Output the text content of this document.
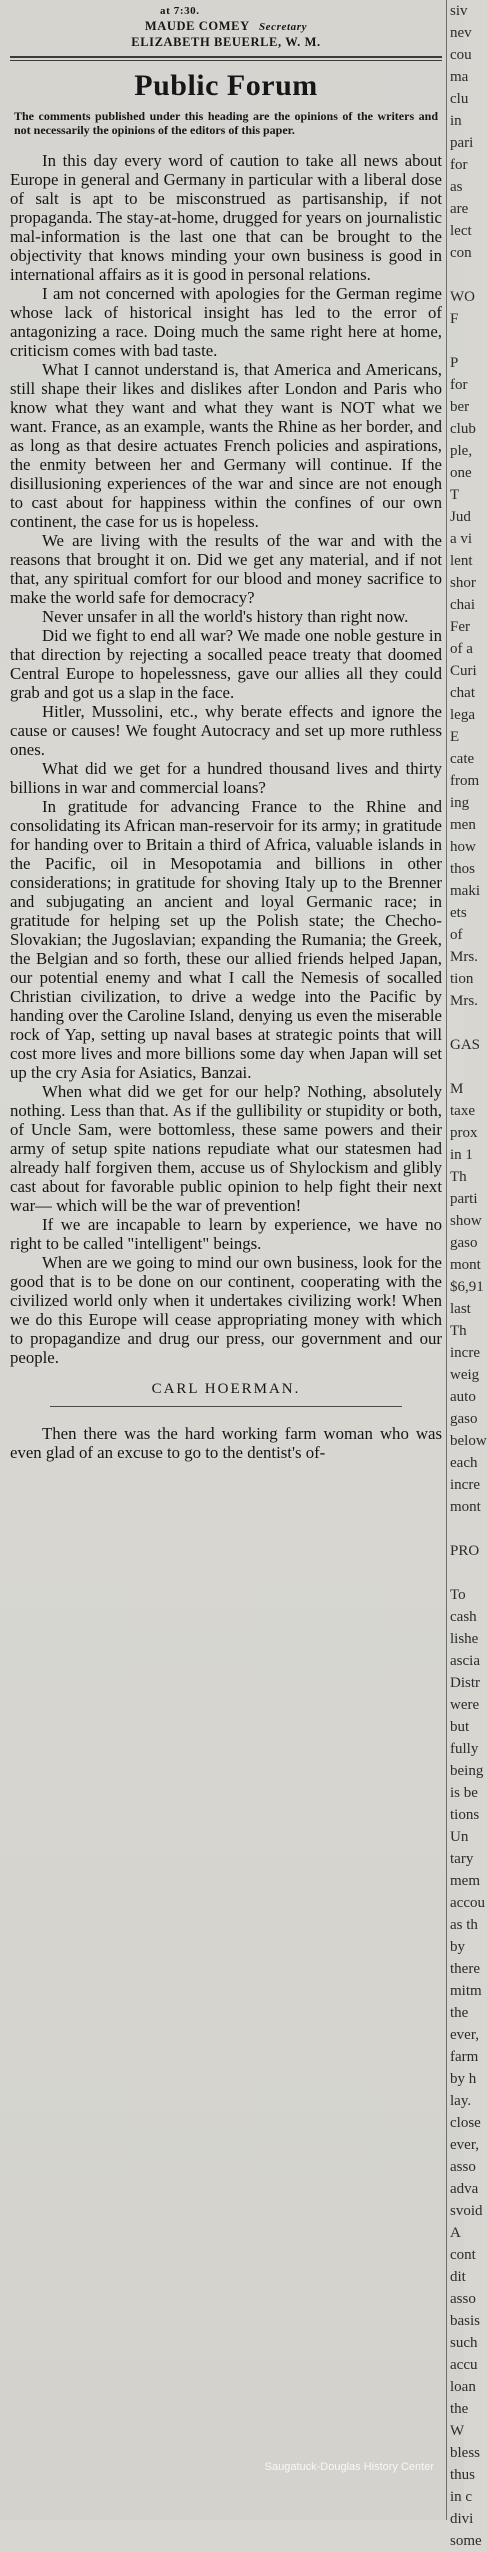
at 7:30.
MAUDE COMEY Secretary
ELIZABETH BEUERLE, W. M.
Public Forum
The comments published under this heading are the opinions of the writers and not necessarily the opinions of the editors of this paper.

In this day every word of caution to take all news about Europe in general and Germany in particular with a liberal dose of salt is apt to be misconstrued as partisanship, if not propaganda. The stay-at-home, drugged for years on journalistic mal-information is the last one that can be brought to the objectivity that knows minding your own business is good in international affairs as it is good in personal relations.

I am not concerned with apologies for the German regime whose lack of historical insight has led to the error of antagonizing a race. Doing much the same right here at home, criticism comes with bad taste.

What I cannot understand is, that America and Americans, still shape their likes and dislikes after London and Paris who know what they want and what they want is NOT what we want. France, as an example, wants the Rhine as her border, and as long as that desire actuates French policies and aspirations, the enmity between her and Germany will continue. If the disillusioning experiences of the war and since are not enough to cast about for happiness within the confines of our own continent, the case for us is hopeless.

We are living with the results of the war and with the reasons that brought it on. Did we get any material, and if not that, any spiritual comfort for our blood and money sacrifice to make the world safe for democracy?

Never unsafer in all the world's history than right now.

Did we fight to end all war? We made one noble gesture in that direction by rejecting a socalled peace treaty that doomed Central Europe to hopelessness, gave our allies all they could grab and got us a slap in the face.

Hitler, Mussolini, etc., why berate effects and ignore the cause or causes! We fought Autocracy and set up more ruthless ones.

What did we get for a hundred thousand lives and thirty billions in war and commercial loans?

In gratitude for advancing France to the Rhine and consolidating its African man-reservoir for its army; in gratitude for handing over to Britain a third of Africa, valuable islands in the Pacific, oil in Mesopotamia and billions in other considerations; in gratitude for shoving Italy up to the Brenner and subjugating an ancient and loyal Germanic race; in gratitude for helping set up the Polish state; the Checho-Slovakian; the Jugoslavian; expanding the Rumania; the Greek, the Belgian and so forth, these our allied friends helped Japan, our potential enemy and what I call the Nemesis of socalled Christian civilization, to drive a wedge into the Pacific by handing over the Caroline Island, denying us even the miserable rock of Yap, setting up naval bases at strategic points that will cost more lives and more billions some day when Japan will set up the cry Asia for Asiatics, Banzai.

When what did we get for our help? Nothing, absolutely nothing. Less than that. As if the gullibility or stupidity or both, of Uncle Sam, were bottomless, these same powers and their army of setup spite nations repudiate what our statesmen had already half forgiven them, accuse us of Shylockism and glibly cast about for favorable public opinion to help fight their next war— which will be the war of prevention!

If we are incapable to learn by experience, we have no right to be called "intelligent" beings.

When are we going to mind our own business, look for the good that is to be done on our continent, cooperating with the civilized world only when it undertakes civilizing work! When we do this Europe will cease appropriating money with which to propagandize and drug our press, our government and our people.

CARL HOERMAN.

Then there was the hard working farm woman who was even glad of an excuse to go to the dentist's of-

siv
nev
cou
ma
clu
in
pari
for
as
are
lect
con
WO
F
P
for
ber
club
ple,
one
T
Jud
a vi
lent
shor
chai
Fer
of a
Curi
chat
lega
E
cate
from
ing
men
how
thos
maki
ets
of
Mrs.
tion
Mrs.
GAS
M
taxe
prox
in 1
Th
parti
show
gaso
mont
$6,91
last
Th
incre
weig
auto
gaso
below
each
incre
mont
PRO
To
cash
lishe
ascia
Distr
were
but
fully
being
is be
tions
Un
tary
mem
accou
as th
by
there
mitm
the
ever,
farm
by h
lay.
close
ever,
asso
adva
svoid
A
cont
dit
asso
basis
such
accu
loan
the
W
bless
thus
in c
divi
some
Saugatuck-Douglas History Center
